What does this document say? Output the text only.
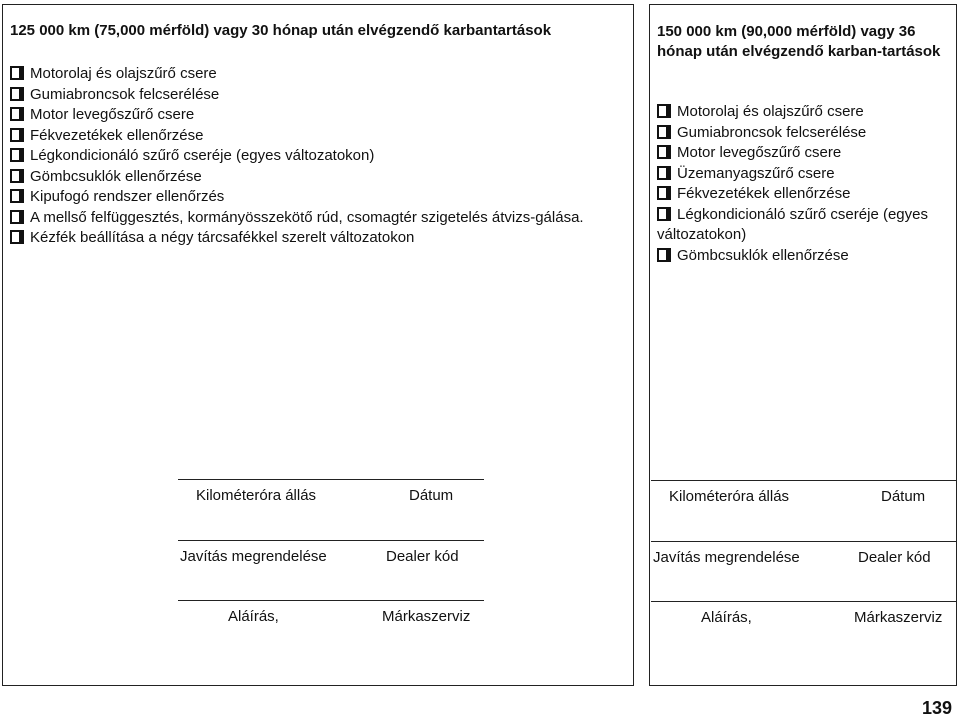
125 000 km (75,000 mérföld) vagy 30 hónap után elvégzendő karbantartások

Motorolaj és olajszűrő csere
Gumiabroncsok felcserélése
Motor levegőszűrő csere
Fékvezetékek ellenőrzése
Légkondicionáló szűrő cseréje (egyes változatokon)
Gömbcsuklók ellenőrzése
Kipufogó rendszer ellenőrzés
A mellső felfüggesztés, kormányösszekötő rúd, csomagtér szigetelés átvizs-gálása.
Kézfék beállítása a négy tárcsafékkel szerelt változatokon
Kilométeróra állás	Dátum
Javítás megrendelése	Dealer kód
Aláírás,	Márkaszerviz

150 000 km (90,000 mérföld) vagy 36 hónap után elvégzendő karban-tartások

Motorolaj és olajszűrő csere
Gumiabroncsok felcserélése
Motor levegőszűrő csere
Üzemanyagszűrő csere
Fékvezetékek ellenőrzése
Légkondicionáló szűrő cseréje (egyes változatokon)
Gömbcsuklók ellenőrzése
Kilométeróra állás	Dátum
Javítás megrendelése	Dealer kód
Aláírás,	Márkaszerviz
139
